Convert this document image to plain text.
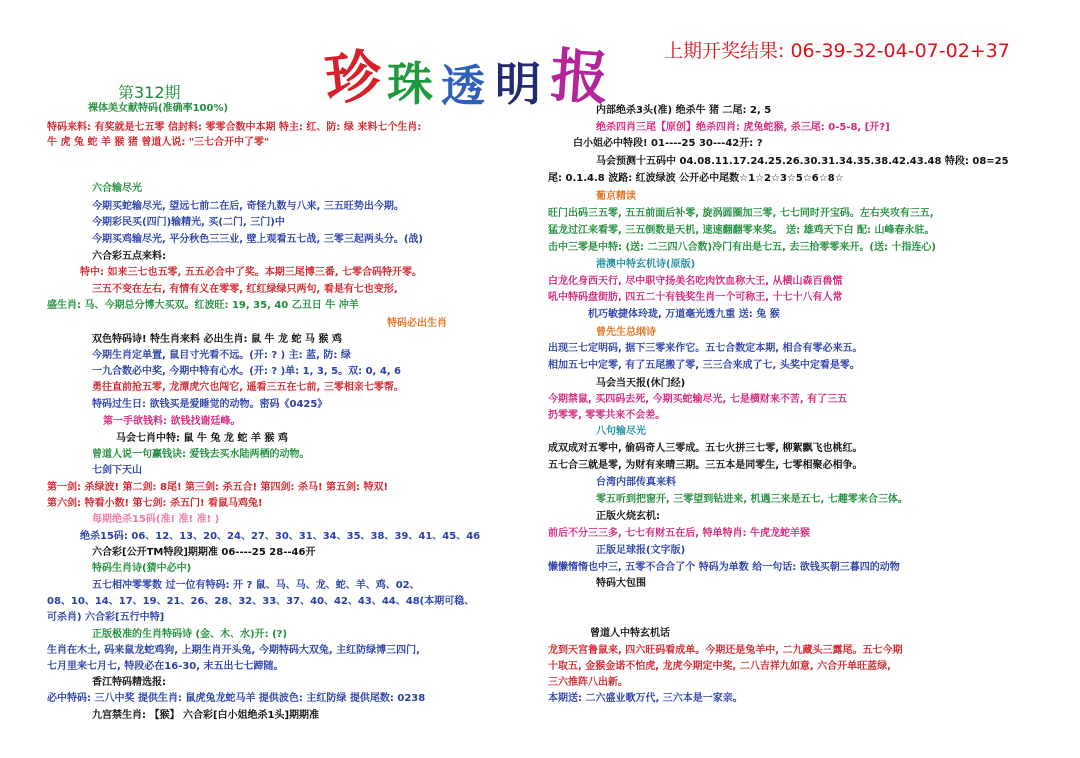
珍 珠 透 明 报	上期开奖结果: 06-39-32-04-07-02+37
第312期
裸体美女献特码(准确率100%)
特码来料: 有奖就是七五零 信封料: 零零合数中本期 特主: 红、防: 绿 来料七个生肖:
牛 虎 兔 蛇 羊 猴 猪 曾道人说: "三七合开中了零"
六合输尽光
今期买蛇输尽光, 望远七前二在后, 奇怪九数与八来, 三五旺势出今期。
今期彩民买(四门)输精光, 买(二门, 三门)中
今期买鸡输尽光, 平分秋色三三业, 壁上观看五七战, 三零三起两头分。(战)
六合彩五点来料:
特中: 如来三七也五零, 五五必合中了奖。本期三尾博三番, 七零合码特开零。
三五不变在左右, 有情有义在零零, 红红绿绿只两句, 看是有七也变形,
盛生肖: 马、今期总分博大买双。红波旺: 19, 35, 40 乙丑日 牛 冲羊
特码必出生肖
双色特码诗! 特生肖来料 必出生肖: 鼠 牛 龙 蛇 马 猴 鸡
今期生肖定单置, 鼠目寸光看不远。(开: ? ) 主: 蓝, 防: 绿
一九合数必中奖, 今期中特有心水。(开: ? )单: 1, 3, 5。双: 0, 4, 6
勇往直前抢五零, 龙潭虎穴也闯它, 遥看三五在七前, 三零相亲七零帮。
特码过生日: 欲钱买是爱睡觉的动物。密码《0425》
第一手欲钱料: 欲钱找谢廷峰。
马会七肖中特: 鼠 牛 兔 龙 蛇 羊 猴 鸡
曾道人说一句赢钱诀: 爱钱去买水陆两栖的动物。
七剑下天山
第一剑: 杀绿波! 第二剑: 8尾! 第三剑: 杀五合! 第四剑: 杀马! 第五剑: 特双!
第六剑: 特看小数! 第七剑: 杀五门! 看鼠马鸡兔!
每期绝杀15码(准! 准! 准! )
绝杀15码: 06、12、13、20、24、27、30、31、34、35、38、39、41、45、46
六合彩[公开TM特段]期期准 06----25 28--46开
特码生肖诗(猜中必中)
五七相冲零零数 过一位有特码: 开 ? 鼠、马、马、龙、蛇、羊、鸡、02、
08、10、14、17、19、21、26、28、32、33、37、40、42、43、44、48(本期可稳、
可杀肖) 六合彩[五行中特]
正版极准的生肖特码诗 (金、木、水)开: (?)
生肖在木土, 码来鼠龙蛇鸡狗, 上期生肖开头兔, 今期特码大双兔, 主红防绿博三四门,
七月里来七月七, 特段必在16-30, 末五出七七蹄随。
香江特码精选报:
必中特码: 三八中奖 提供生肖: 鼠虎兔龙蛇马羊 提供波色: 主红防绿 提供尾数: 0238
九宫禁生肖: 【猴】 六合彩[白小姐绝杀1头]期期准
内部绝杀3头(准) 绝杀牛 猪 二尾: 2, 5
绝杀四肖三尾【原创】绝杀四肖: 虎兔蛇猴, 杀三尾: 0-5-8, [开?]
白小姐必中特段! 01----25 30---42开: ?
马会预测十五码中 04.08.11.17.24.25.26.30.31.34.35.38.42.43.48 特段: 08=25
尾: 0.1.4.8 波路: 红波绿波 公开必中尾数☆1☆2☆3☆5☆6☆8☆
葡京精读
旺门出码三五零, 五五前面后补零, 旋涡圆圈加三零, 七七同时开宝码。左右夹攻有三五,
猛龙过江来看零, 三五倒数是天机, 速速翻翻零来奖。 送: 雄鸡天下白 配: 山峰春永驻。
击中三零是中特: (送: 二三四八合数)冷门有出是七五, 去三拾零零来开。(送: 十指连心)
港澳中特玄机诗(原版)
白龙化身西天行, 尽中职守扬美名吃肉饮血称大王, 从横山森百兽慌
吼中特码盘街肪, 四五二十有钱奖生肖一个可称王, 十七十八有人常
机巧敏捷体玲珑, 万道毫光透九重 送: 兔 猴
曾先生总纲诗
出现三七定明码, 据下三零来作它。五七合数定本期, 相合有零必来五。
相加五七中定零, 有了五尾搬了零, 三三合来成了七, 头奖中定看是零。
马会当天报(休门经)
今期禁鼠, 买四码去死, 今期买蛇输尽光, 七是横财来不苦, 有了三五
扔零零, 零零共来不会差。
八句输尽光
成双成对五零中, 偷码奇人三零成。五七火拼三七零, 柳絮飘飞也桃红。
五七合三就是零, 为财有来晴三期。三五本是同零生, 七零相聚必相争。
台湾内部传真来料
零五听到把窗开, 三零望到钻进来, 机遇三来是五七, 七趣零来合三体。
正版火烧玄机:
前后不分三三多, 七七有财五在后, 特单特肖: 牛虎龙蛇羊猴
正版足球报(文字版)
懒懒惰惰也中三, 五零不合合了个 特码为单数 给一句话: 欲钱买朝三暮四的动物
特码大包围
曾道人中特玄机话
龙到天宫鲁鼠来, 四六旺码看成单。今期还是兔羊中, 二九藏头三露尾。五七今期
十取五, 金猴金诺不怕虎, 龙虎今期定中奖, 二八吉祥九如意, 六合开单旺蓝绿,
三六推阵八出新。
本期送: 二六盛业歌万代, 三六本是一家亲。
